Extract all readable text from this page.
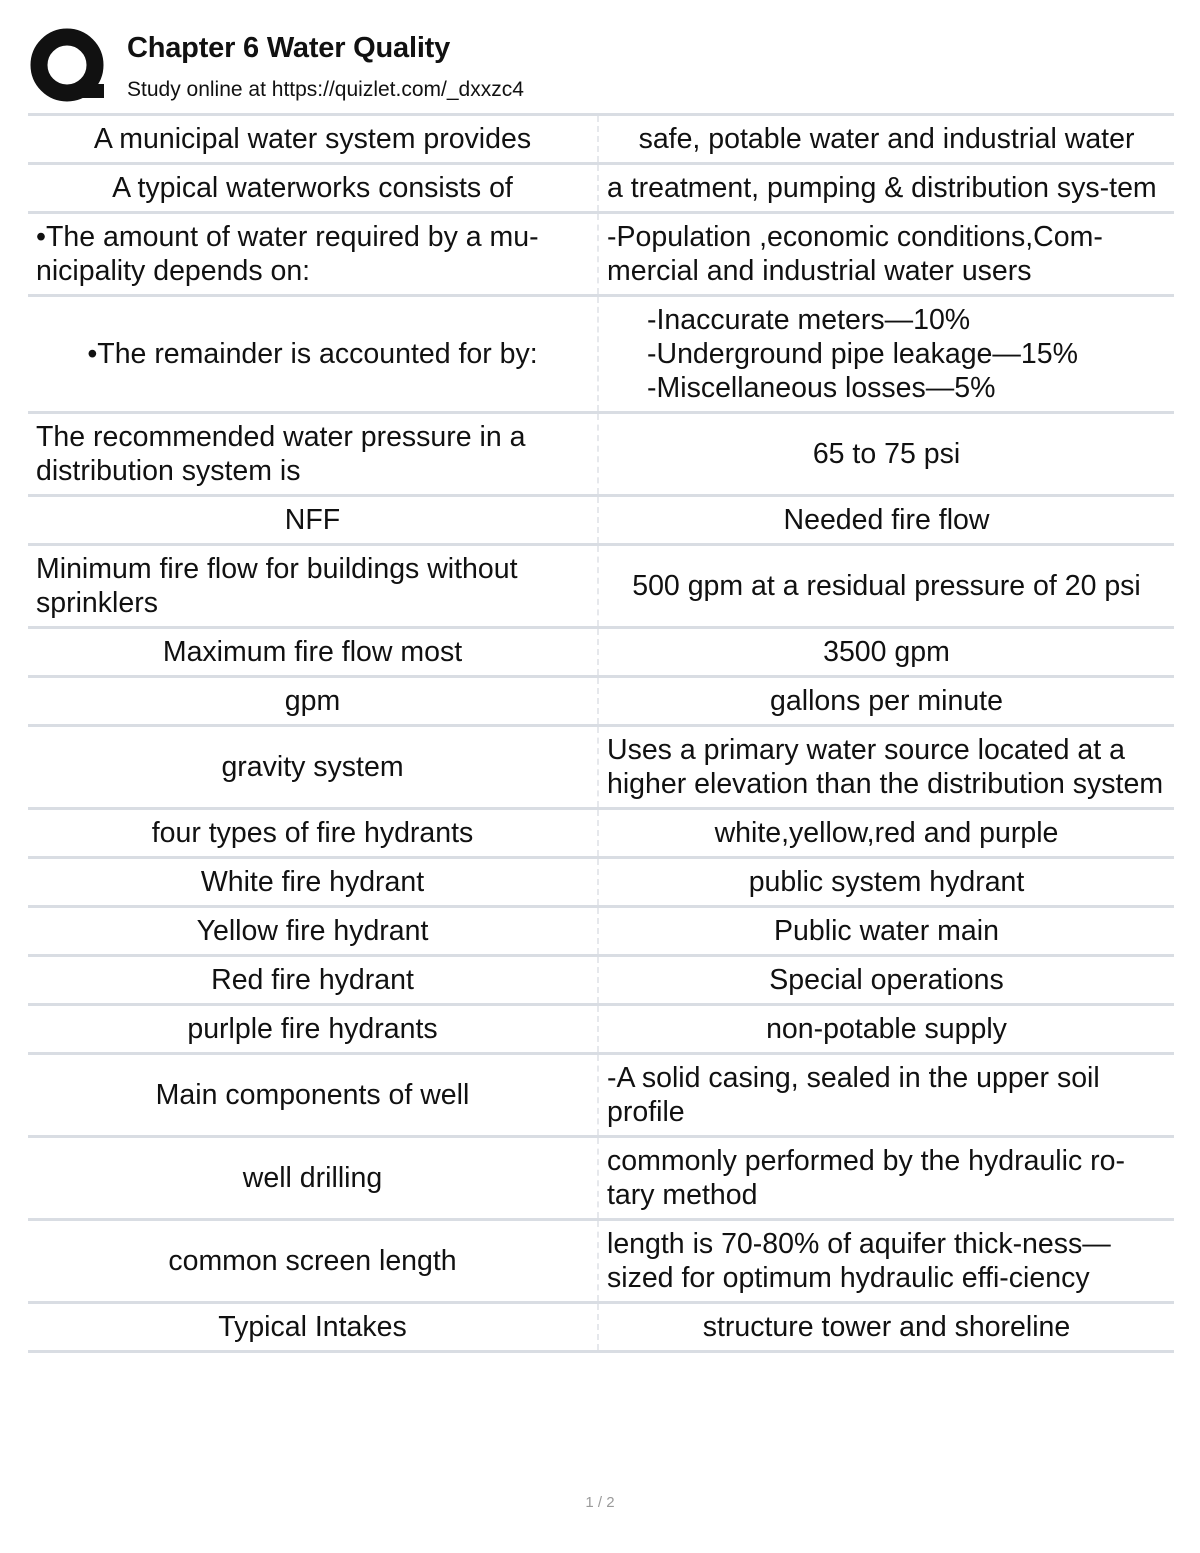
Chapter 6 Water Quality
Study online at https://quizlet.com/_dxxzc4
A municipal water system provides	safe, potable water and industrial water
A typical waterworks consists of	a treatment, pumping & distribution sys-tem
•The amount of water required by a mu-nicipality depends on:	-Population ,economic conditions,Com-mercial and industrial water users
•The remainder is accounted for by:	-Inaccurate meters—10%
-Underground pipe leakage—15%
-Miscellaneous losses—5%
The recommended water pressure in a distribution system is	65 to 75 psi
NFF	Needed fire flow
Minimum fire flow for buildings without sprinklers	500 gpm at a residual pressure of 20 psi
Maximum fire flow most	3500 gpm
gpm	gallons per minute
gravity system	Uses a primary water source located at a higher elevation than the distribution system
four types of fire hydrants	white,yellow,red and purple
White fire hydrant	public system hydrant
Yellow fire hydrant	Public water main
Red fire hydrant	Special operations
purlple fire hydrants	non-potable supply
Main components of well	-A solid casing, sealed in the upper soil profile
well drilling	commonly performed by the hydraulic ro-tary method
common screen length	length is 70-80% of aquifer thick-ness—sized for optimum hydraulic effi-ciency
Typical Intakes	structure tower and shoreline
1 / 2
